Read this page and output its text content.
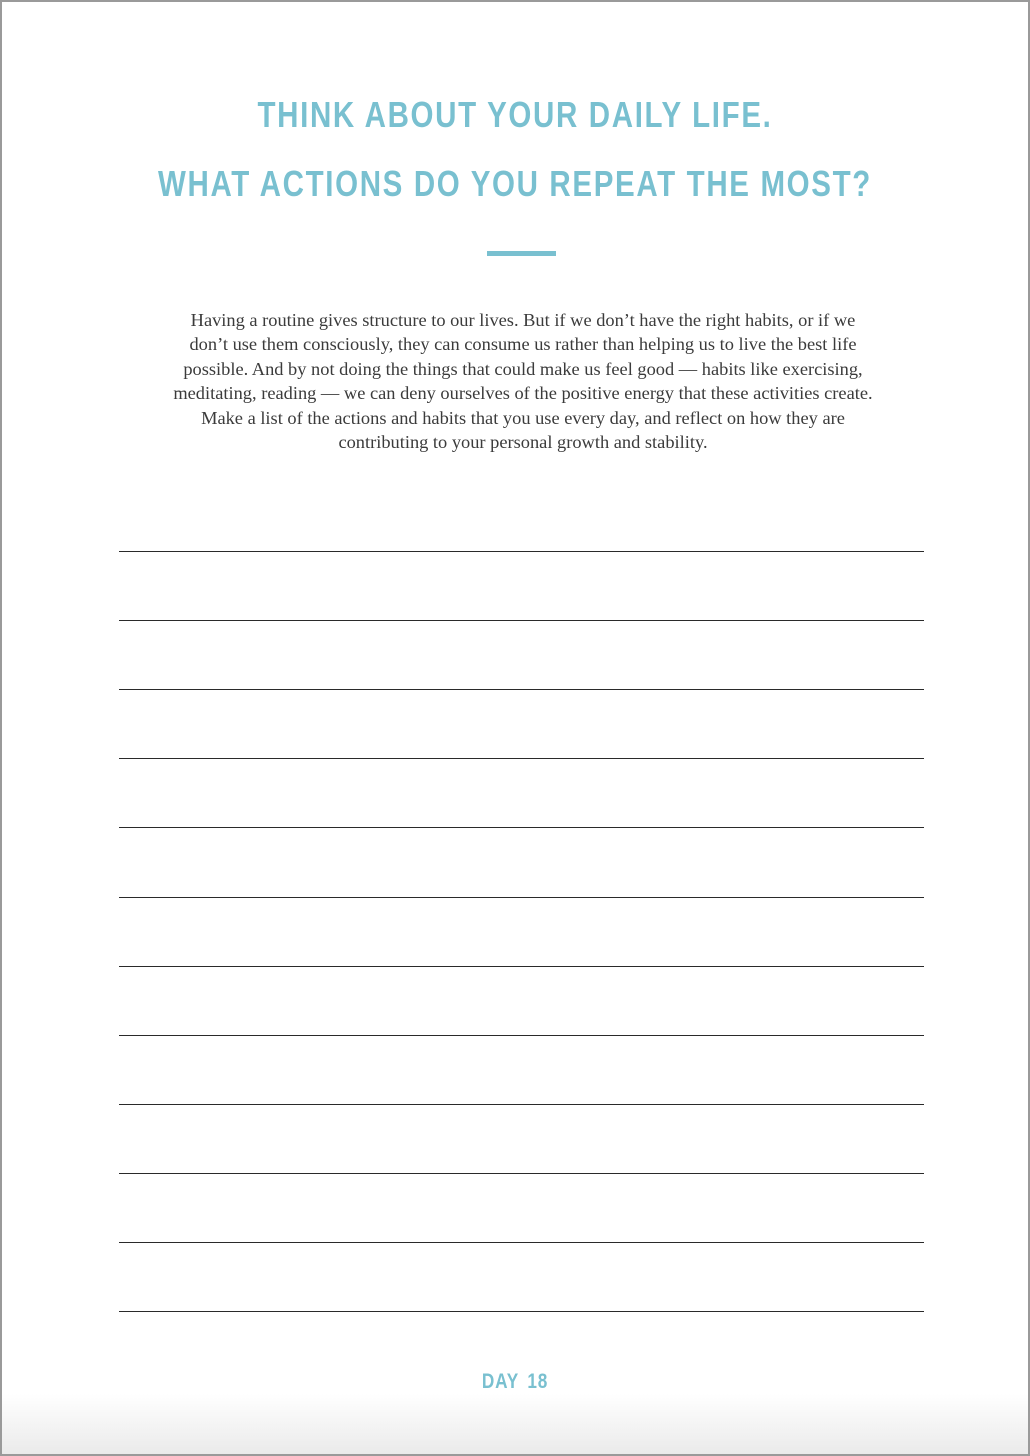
THINK ABOUT YOUR DAILY LIFE.
WHAT ACTIONS DO YOU REPEAT THE MOST?

Having a routine gives structure to our lives. But if we don’t have the right habits, or if we
don’t use them consciously, they can consume us rather than helping us to live the best life
possible. And by not doing the things that could make us feel good — habits like exercising,
meditating, reading — we can deny ourselves of the positive energy that these activities create.
Make a list of the actions and habits that you use every day, and reflect on how they are
contributing to your personal growth and stability.

DAY 18
